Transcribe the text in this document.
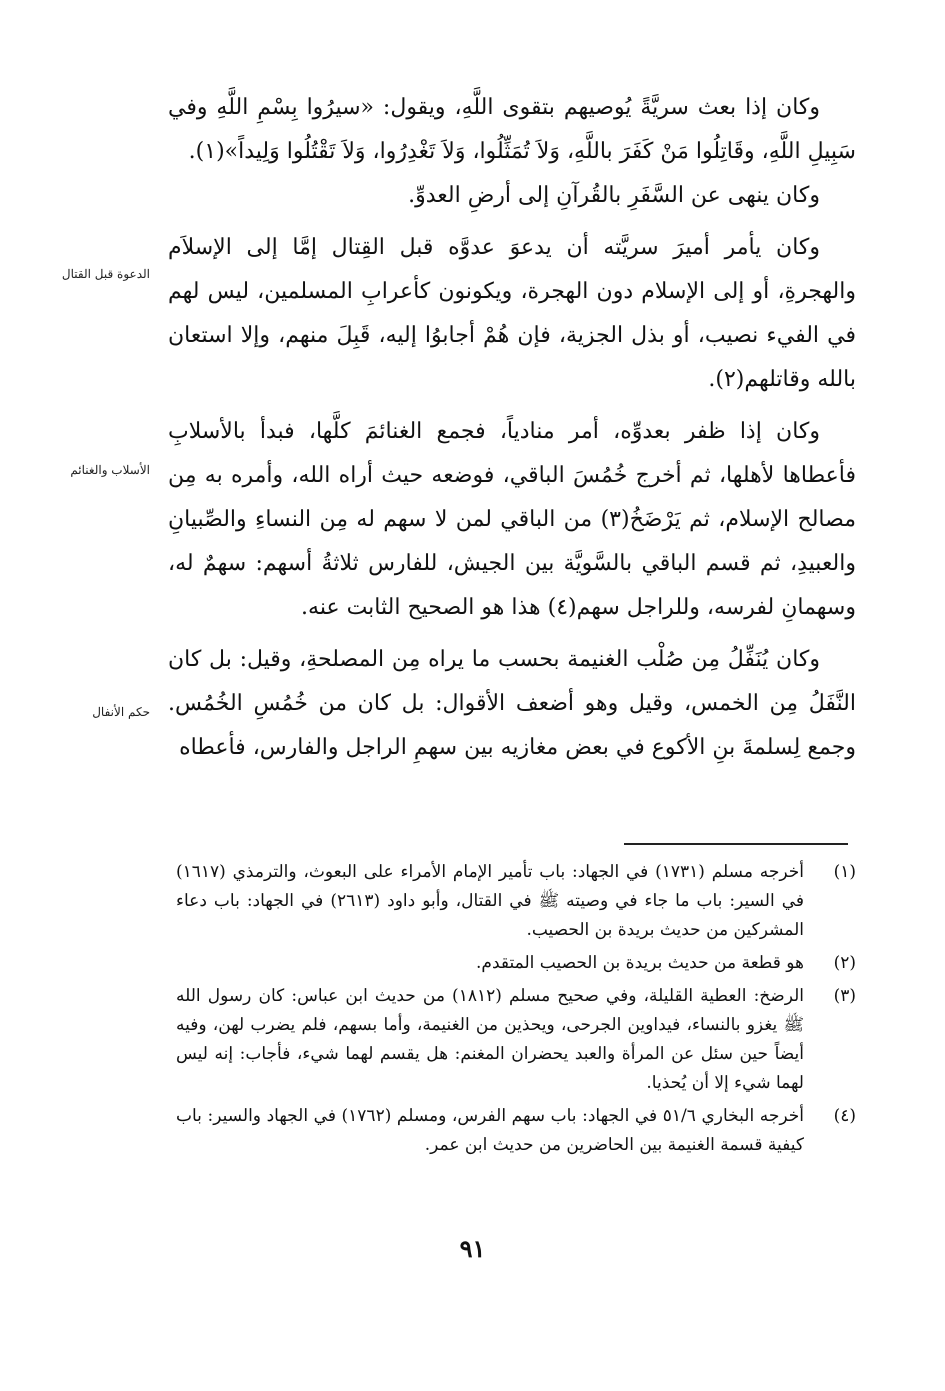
وكان إذا بعث سريَّةً يُوصيهم بتقوى اللَّهِ، ويقول: «سيرُوا بِسْمِ اللَّهِ وفي سَبِيلِ اللَّهِ، وقَاتِلُوا مَنْ كَفَرَ باللَّهِ، وَلاَ تُمَثِّلُوا، وَلاَ تَغْدِرُوا، وَلاَ تَقْتُلُوا وَلِيداً»(١).

وكان ينهى عن السَّفَرِ بالقُرآنِ إلى أرضِ العدوِّ.

وكان يأمر أميرَ سريَّته أن يدعوَ عدوَّه قبل القِتال إمَّا إلى الإسلاَم والهجرةِ، أو إلى الإسلام دون الهجرة، ويكونون كأعرابِ المسلمين، ليس لهم في الفيء نصيب، أو بذل الجزية، فإن هُمْ أجابوُا إليه، قَبِلَ منهم، وإلا استعان بالله وقاتلهم(٢).

وكان إذا ظفر بعدوِّه، أمر منادياً، فجمع الغنائمَ كلَّها، فبدأ بالأسلابِ فأعطاها لأهلها، ثم أخرج خُمُسَ الباقي، فوضعه حيث أراه الله، وأمره به مِن مصالح الإسلام، ثم يَرْضَخُ(٣) من الباقي لمن لا سهم له مِن النساءِ والصِّبيانِ والعبيدِ، ثم قسم الباقي بالسَّويَّة بين الجيش، للفارس ثلاثةُ أسهم: سهمٌ له، وسهمانِ لفرسه، وللراجل سهم(٤) هذا هو الصحيح الثابت عنه.

وكان يُنَفِّلُ مِن صُلْب الغنيمة بحسب ما يراه مِن المصلحةِ، وقيل: بل كان النَّفَلُ مِن الخمس، وقيل وهو أضعف الأقوال: بل كان من خُمُسِ الخُمُس. وجمع لِسلمةَ بنِ الأكوع في بعض مغازيه بين سهمِ الراجل والفارس، فأعطاه

الدعوة قبل القتال
الأسلاب والغنائم
حكم الأنفال
(١)
أخرجه مسلم (١٧٣١) في الجهاد: باب تأمير الإمام الأمراء على البعوث، والترمذي (١٦١٧) في السير: باب ما جاء في وصيته ﷺ في القتال، وأبو داود (٢٦١٣) في الجهاد: باب دعاء المشركين من حديث بريدة بن الحصيب.
(٢)
هو قطعة من حديث بريدة بن الحصيب المتقدم.
(٣)
الرضخ: العطية القليلة، وفي صحيح مسلم (١٨١٢) من حديث ابن عباس: كان رسول الله ﷺ يغزو بالنساء، فيداوين الجرحى، ويحذين من الغنيمة، وأما بسهم، فلم يضرب لهن، وفيه أيضاً حين سئل عن المرأة والعبد يحضران المغنم: هل يقسم لهما شيء، فأجاب: إنه ليس لهما شيء إلا أن يُحذيا.
(٤)
أخرجه البخاري ٥١/٦ في الجهاد: باب سهم الفرس، ومسلم (١٧٦٢) في الجهاد والسير: باب كيفية قسمة الغنيمة بين الحاضرين من حديث ابن عمر.
٩١
